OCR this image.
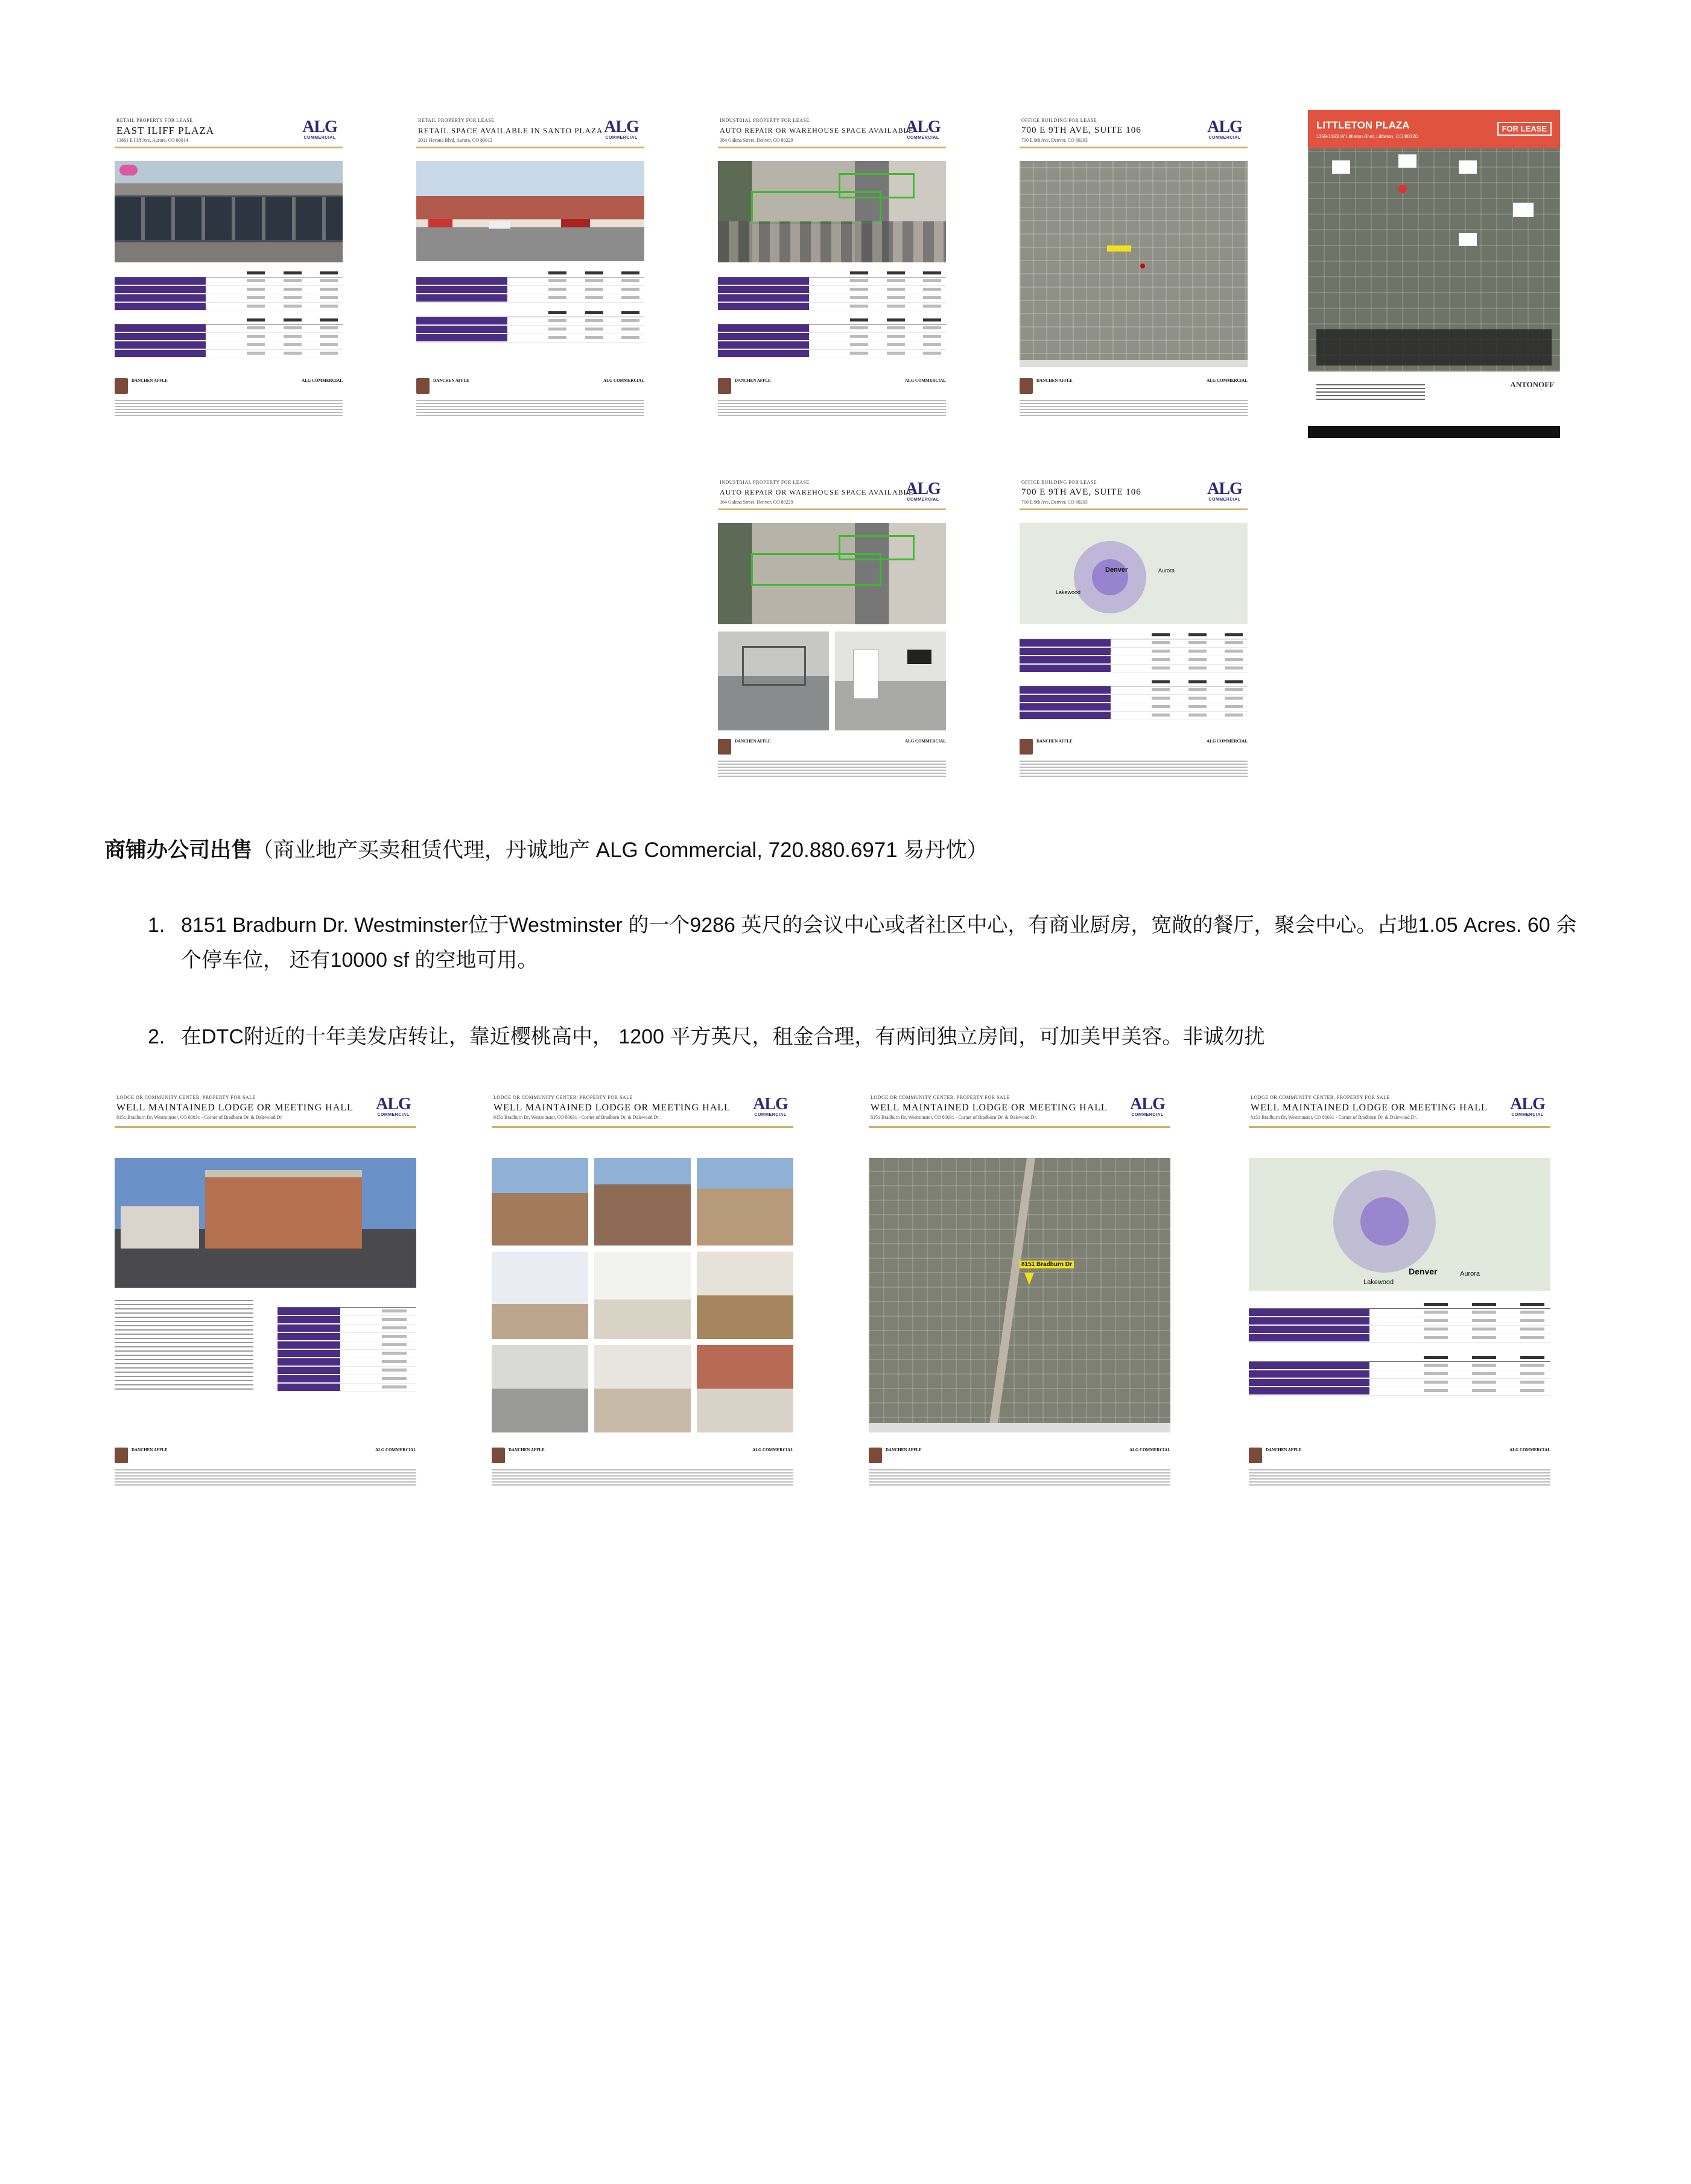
RETAIL PROPERTY FOR LEASE
EAST ILIFF PLAZA
13861 E Iliff Ave, Aurora, CO 80014
ALG
COMMERCIAL
DANCHEN AFFLE	ALG COMMERCIAL
RETAIL PROPERTY FOR LEASE
RETAIL SPACE AVAILABLE IN SANTO PLAZA
2011 Havana Blvd, Aurora, CO 80012
ALG
COMMERCIAL
DANCHEN AFFLE	ALG COMMERCIAL
INDUSTRIAL PROPERTY FOR LEASE
AUTO REPAIR OR WAREHOUSE SPACE AVAILABLE
364 Galena Street, Denver, CO 80229
ALG
COMMERCIAL
DANCHEN AFFLE	ALG COMMERCIAL
OFFICE BUILDING FOR LEASE
700 E 9TH AVE, SUITE 106
700 E 9th Ave, Denver, CO 80203
ALG
COMMERCIAL
DANCHEN AFFLE	ALG COMMERCIAL
LITTLETON PLAZA	FOR LEASE
1158-1163 W Littleton Blvd, Littleton, CO 80120
ANTONOFF
INDUSTRIAL PROPERTY FOR LEASE
AUTO REPAIR OR WAREHOUSE SPACE AVAILABLE
364 Galena Street, Denver, CO 80229
ALG
COMMERCIAL
DANCHEN AFFLE	ALG COMMERCIAL
OFFICE BUILDING FOR LEASE
700 E 9TH AVE, SUITE 106
700 E 9th Ave, Denver, CO 80203
ALG
COMMERCIAL
Denver	Aurora
Lakewood
DANCHEN AFFLE	ALG COMMERCIAL
商铺办公司出售（商业地产买卖租赁代理，丹诚地产 ALG Commercial, 720.880.6971 易丹忱）
1. 8151 Bradburn Dr. Westminster位于Westminster 的一个9286 英尺的会议中心或者社区中心，有商业厨房，宽敞的餐厅，聚会中心。占地1.05 Acres. 60 余个停车位， 还有10000 sf 的空地可用。
2. 在DTC附近的十年美发店转让，靠近樱桃高中， 1200 平方英尺，租金合理，有两间独立房间，可加美甲美容。非诚勿扰
LODGE OR COMMUNITY CENTER, PROPERTY FOR SALE
WELL MAINTAINED LODGE OR MEETING HALL
8151 Bradburn Dr, Westminster, CO 80031 - Corner of Bradburn Dr. & Dalewood Dr.
ALG
COMMERCIAL
DANCHEN AFFLE	ALG COMMERCIAL
LODGE OR COMMUNITY CENTER, PROPERTY FOR SALE
WELL MAINTAINED LODGE OR MEETING HALL
8151 Bradburn Dr, Westminster, CO 80031 - Corner of Bradburn Dr. & Dalewood Dr.
ALG
COMMERCIAL
DANCHEN AFFLE	ALG COMMERCIAL
LODGE OR COMMUNITY CENTER, PROPERTY FOR SALE
WELL MAINTAINED LODGE OR MEETING HALL
8151 Bradburn Dr, Westminster, CO 80031 - Corner of Bradburn Dr. & Dalewood Dr.
ALG
COMMERCIAL
8151 Bradburn Dr
DANCHEN AFFLE	ALG COMMERCIAL
LODGE OR COMMUNITY CENTER, PROPERTY FOR SALE
WELL MAINTAINED LODGE OR MEETING HALL
8151 Bradburn Dr, Westminster, CO 80031 - Corner of Bradburn Dr. & Dalewood Dr.
ALG
COMMERCIAL
Denver	Aurora
Lakewood
DANCHEN AFFLE	ALG COMMERCIAL
